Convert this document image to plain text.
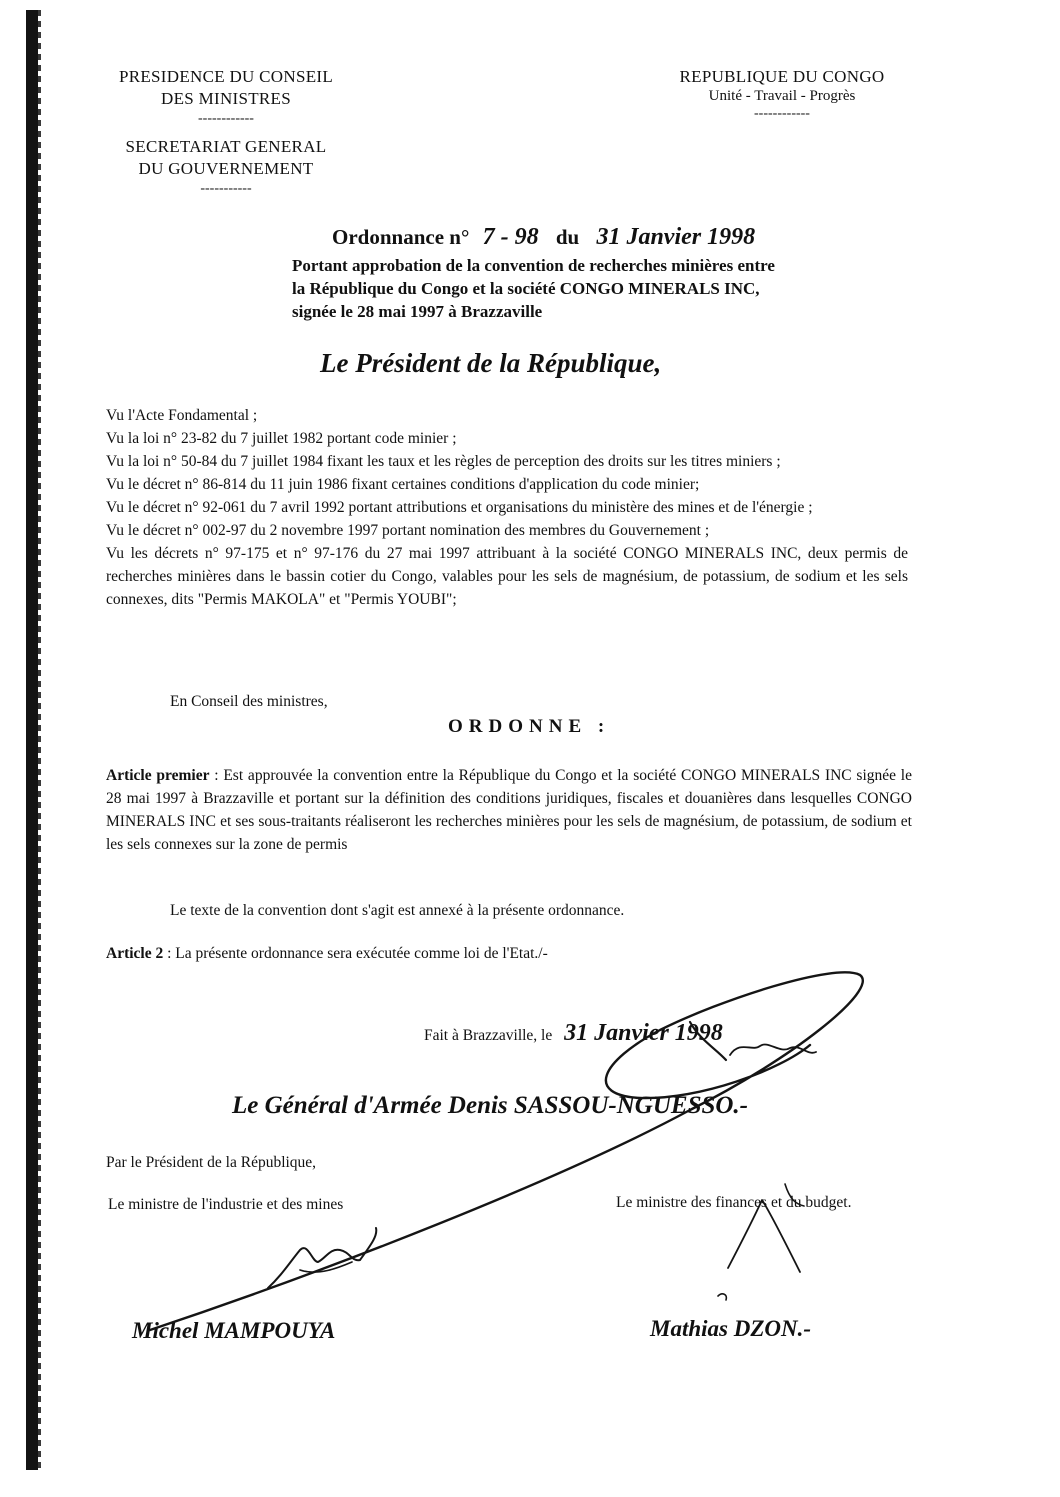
PRESIDENCE DU CONSEIL
DES MINISTRES
------------
SECRETARIAT GENERAL
DU GOUVERNEMENT
-----------
REPUBLIQUE DU CONGO
Unité - Travail - Progrès
------------
Ordonnance n° 7 - 98 du 31 Janvier 1998
Portant approbation de la convention de recherches minières entre
la République du Congo et la société CONGO MINERALS INC,
signée le 28 mai 1997 à Brazzaville
Le Président de la République,

Vu l'Acte Fondamental ;

Vu la loi n° 23-82 du 7 juillet 1982 portant code minier ;

Vu la loi n° 50-84 du 7 juillet 1984 fixant les taux et les règles de perception des droits sur les titres miniers ;

Vu le décret n° 86-814 du 11 juin 1986 fixant certaines conditions d'application du code minier;

Vu le décret n° 92-061 du 7 avril 1992 portant attributions et organisations du ministère des mines et de l'énergie ;

Vu le décret n° 002-97 du 2 novembre 1997 portant nomination des membres du Gouvernement ;

Vu les décrets n° 97-175 et n° 97-176 du 27 mai 1997 attribuant à la société CONGO MINERALS INC, deux permis de recherches minières dans le bassin cotier du Congo, valables pour les sels de magnésium, de potassium, de sodium et les sels connexes, dits "Permis MAKOLA" et "Permis YOUBI";

En Conseil des ministres,
ORDONNE :

Article premier : Est approuvée la convention entre la République du Congo et la société CONGO MINERALS INC signée le 28 mai 1997 à Brazzaville et portant sur la définition des conditions juridiques, fiscales et douanières dans lesquelles CONGO MINERALS INC et ses sous-traitants réaliseront les recherches minières pour les sels de magnésium, de potassium, de sodium et les sels connexes sur la zone de permis

Le texte de la convention dont s'agit est annexé à la présente ordonnance.
Article 2 : La présente ordonnance sera exécutée comme loi de l'Etat./-
Fait à Brazzaville, le 31 Janvier 1998
Le Général d'Armée Denis SASSOU-NGUESSO.-
Par le Président de la République,
Le ministre de l'industrie et des mines	Le ministre des finances et du budget.
Michel MAMPOUYA	Mathias DZON.-
